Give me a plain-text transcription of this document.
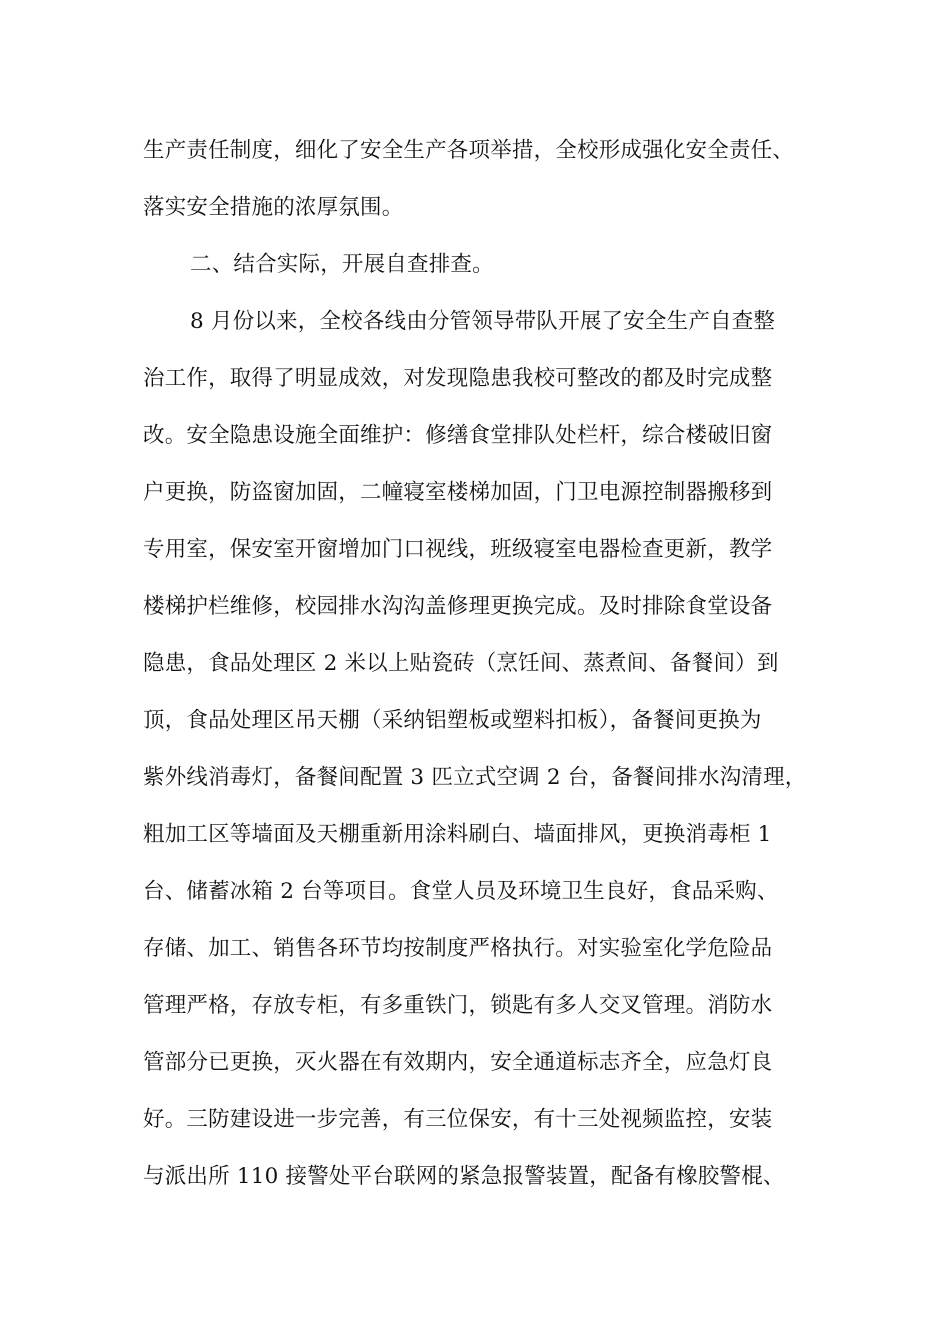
生产责任制度，细化了安全生产各项举措，全校形成强化安全责任、
落实安全措施的浓厚氛围。
二、结合实际，开展自查排查。
8 月份以来，全校各线由分管领导带队开展了安全生产自查整
治工作，取得了明显成效，对发现隐患我校可整改的都及时完成整
改。安全隐患设施全面维护：修缮食堂排队处栏杆，综合楼破旧窗
户更换，防盗窗加固，二幢寝室楼梯加固，门卫电源控制器搬移到
专用室，保安室开窗增加门口视线，班级寝室电器检查更新，教学
楼梯护栏维修，校园排水沟沟盖修理更换完成。及时排除食堂设备
隐患，食品处理区 2 米以上贴瓷砖（烹饪间、蒸煮间、备餐间）到
顶，食品处理区吊天棚（采纳铝塑板或塑料扣板），备餐间更换为
紫外线消毒灯，备餐间配置 3 匹立式空调 2 台，备餐间排水沟清理，
粗加工区等墙面及天棚重新用涂料刷白、墙面排风，更换消毒柜 1
台、储蓄冰箱 2 台等项目。食堂人员及环境卫生良好，食品采购、
存储、加工、销售各环节均按制度严格执行。对实验室化学危险品
管理严格，存放专柜，有多重铁门，锁匙有多人交叉管理。消防水
管部分已更换，灭火器在有效期内，安全通道标志齐全，应急灯良
好。三防建设进一步完善，有三位保安，有十三处视频监控，安装
与派出所 110 接警处平台联网的紧急报警装置，配备有橡胶警棍、
